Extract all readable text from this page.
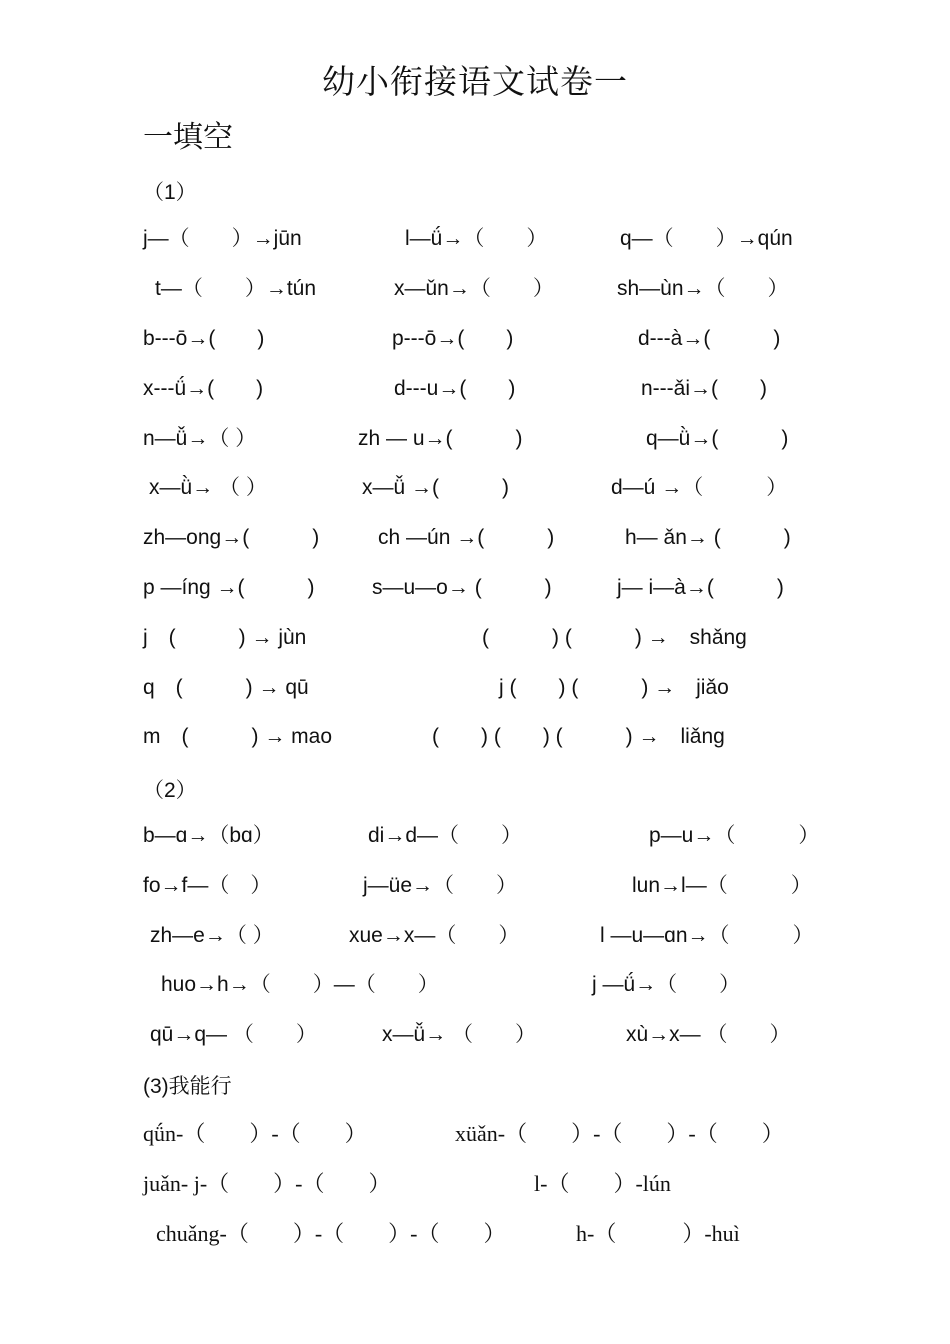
幼小衔接语文试卷一
一填空
（1）
j—（　　）→jūn	l—ǘ→（　　）	q—（　　）→qún
t—（　　）→tún	x—ǔn→（　　）	sh—ùn→（　　）
b---ō→(　　)	p---ō→(　　)	d---à→(　　　)
x---ǘ→(　　)	d---u→(　　)	n---ǎi→(　　)
n—ǚ→（ ）	zh — u→(　　　)	q—ǜ→(　　　)
x—ǜ→ （ ）	x—ǚ →(　　　)	d—ú →（　　　）
zh—ong→(　　　)	ch —ún →(　　　)	h— ǎn→ (　　　)
p —íng →(　　　)	s—u—o→ (　　　)	j— i—à→(　　　)
j　(　　　) → jùn	(　　　) (　　　) →　shǎng
q　(　　　) → qū	j (　　) (　　　) →　jiǎo
m　(　　　) → mao	(　　) (　　) (　　　) →　liǎng
（2）
b—ɑ→（bɑ）	di→d—（　　）	p—u→（　　　）
fo→f—（　）	j—üe→（　　）	lun→l—（　　　）
zh—e→（ ）	xue→x—（　　）	l —u—ɑn→（　　　）
huo→h→（　　）—（　　）	j —ǘ→（　　）
qū→q— （　　）	x—ǚ→ （　　）	xù→x— （　　）
(3)我能行
qǘn-（　　）-（　　）	xüǎn-（　　）-（　　）-（　　）
juǎn- j-（　　）-（　　）	l-（　　）-lún
chuǎng-（　　）-（　　）-（　　）	h-（　　　）-huì
